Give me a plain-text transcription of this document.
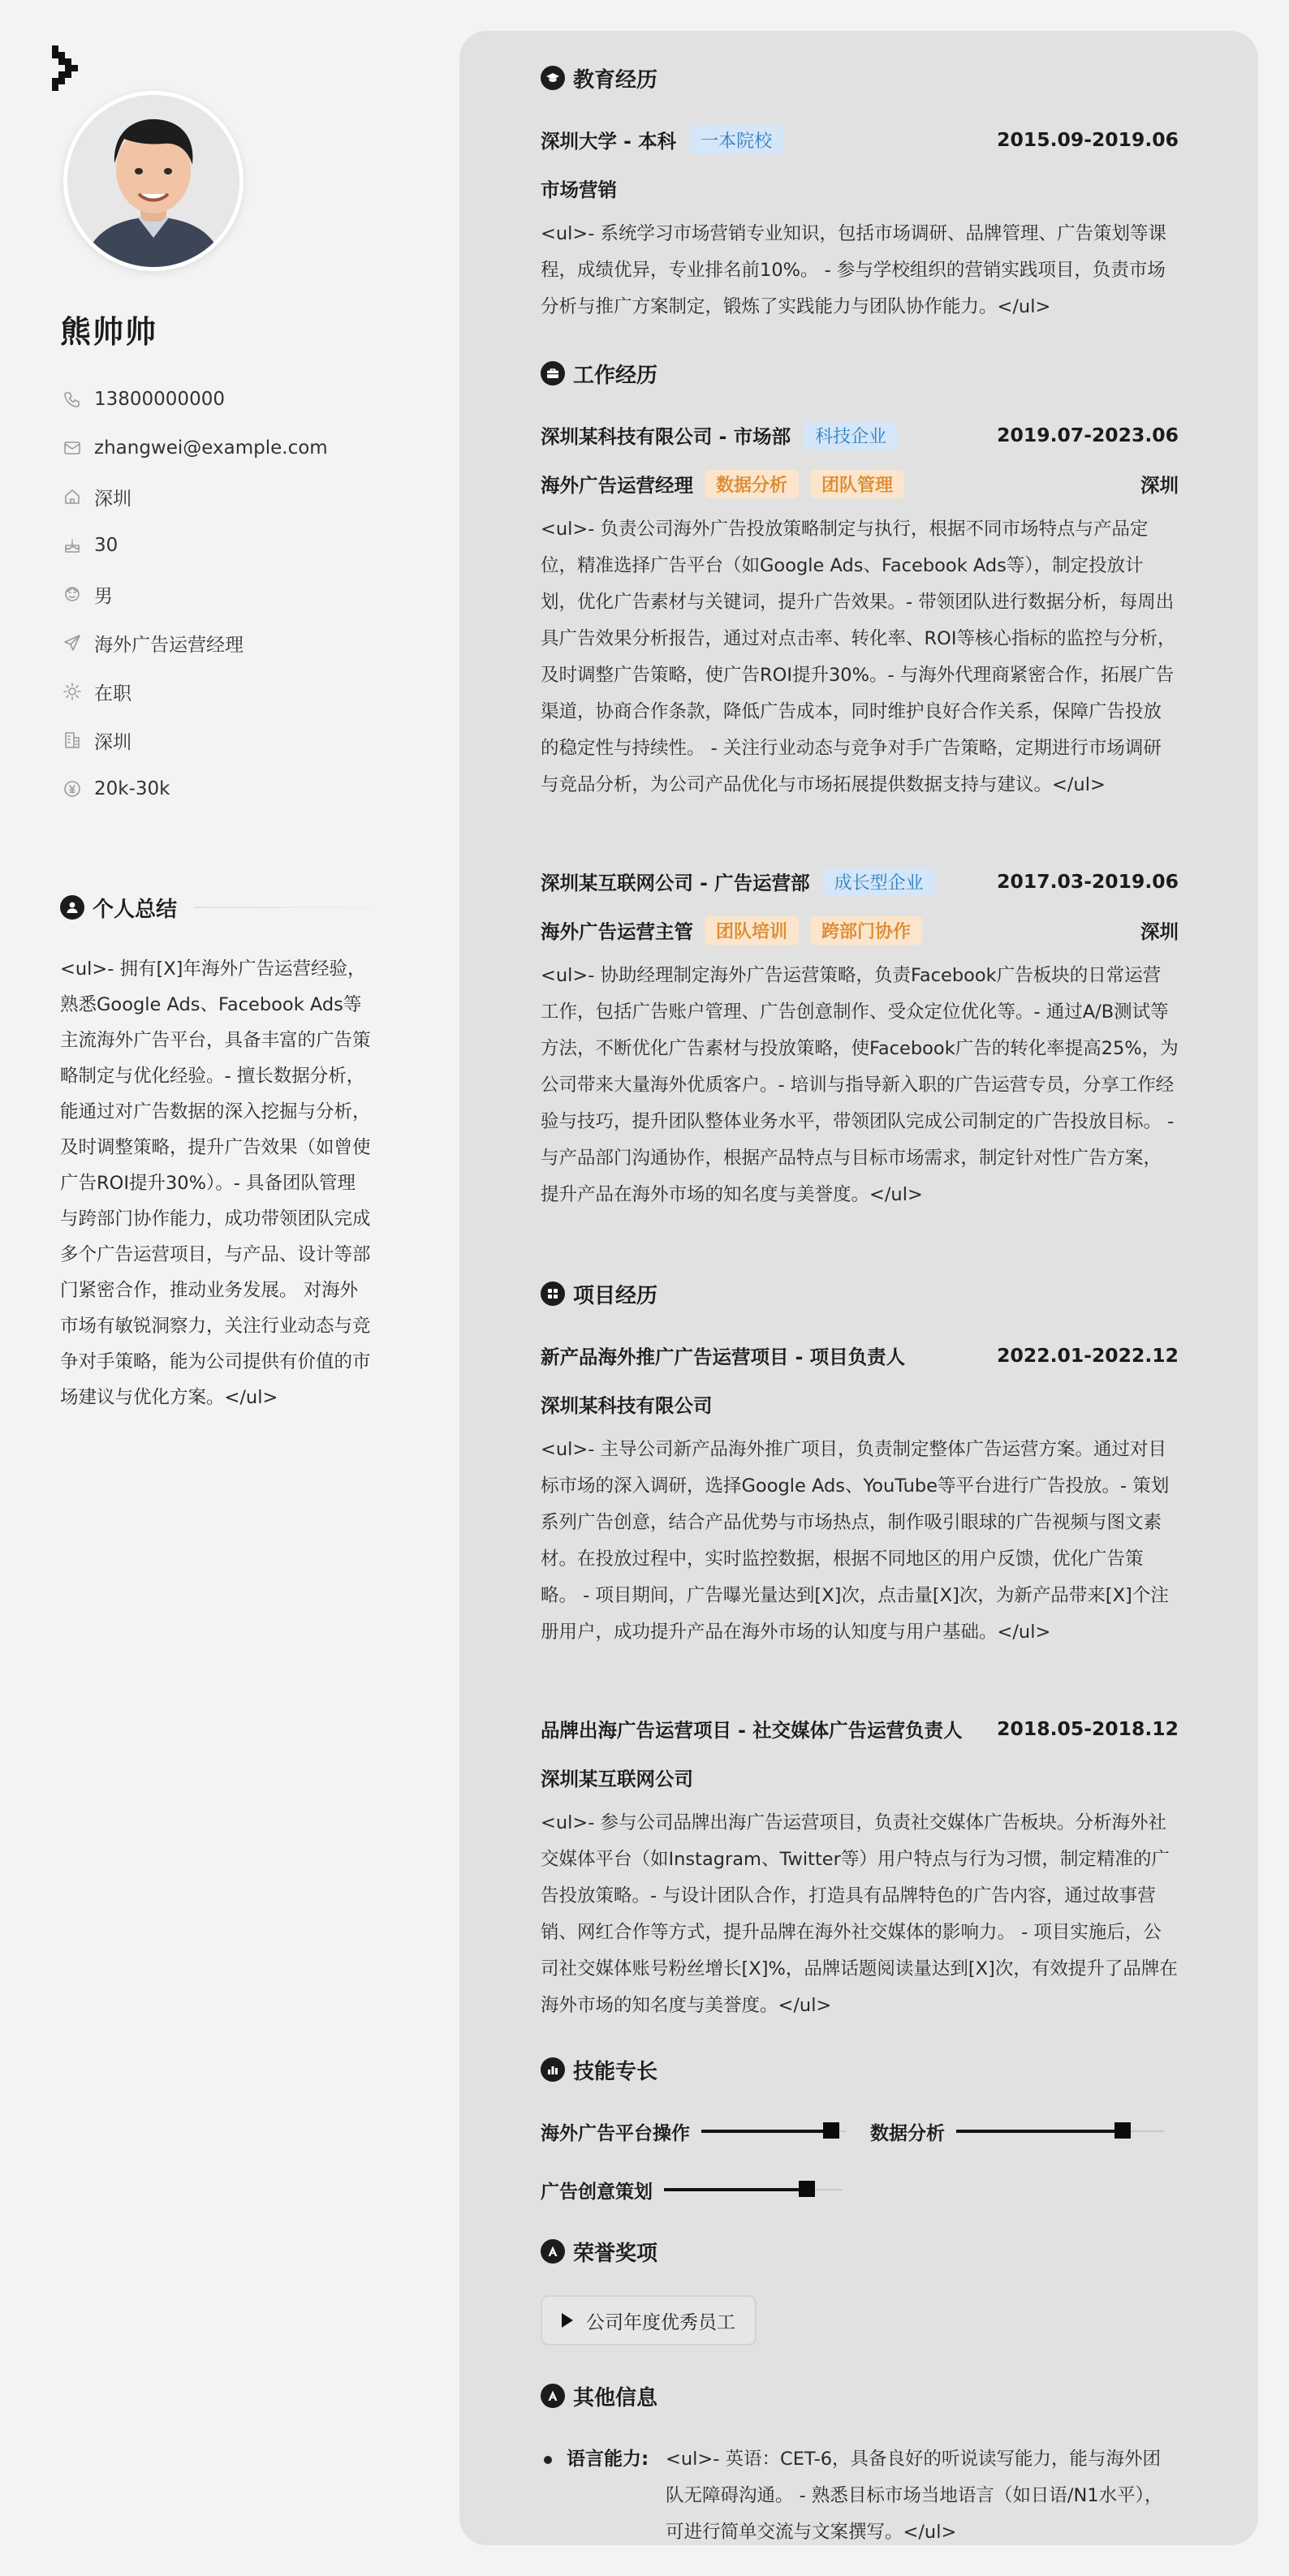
熊帅帅
13800000000
zhangwei@example.com
深圳
30
男
海外广告运营经理
在职
深圳
20k-30k
个人总结
<ul>- 拥有[X]年海外广告运营经验，熟悉Google Ads、Facebook Ads等主流海外广告平台，具备丰富的广告策略制定与优化经验。- 擅长数据分析，能通过对广告数据的深入挖掘与分析，及时调整策略，提升广告效果（如曾使广告ROI提升30%）。- 具备团队管理与跨部门协作能力，成功带领团队完成多个广告运营项目，与产品、设计等部门紧密合作，推动业务发展。 对海外市场有敏锐洞察力，关注行业动态与竞争对手策略，能为公司提供有价值的市场建议与优化方案。</ul>
教育经历
深圳大学 - 本科	一本院校	2015.09-2019.06
市场营销
<ul>- 系统学习市场营销专业知识，包括市场调研、品牌管理、广告策划等课程，成绩优异，专业排名前10%。 - 参与学校组织的营销实践项目，负责市场分析与推广方案制定，锻炼了实践能力与团队协作能力。</ul>
工作经历
深圳某科技有限公司 - 市场部	科技企业	2019.07-2023.06
海外广告运营经理	数据分析	团队管理	深圳
<ul>- 负责公司海外广告投放策略制定与执行，根据不同市场特点与产品定位，精准选择广告平台（如Google Ads、Facebook Ads等），制定投放计划，优化广告素材与关键词，提升广告效果。- 带领团队进行数据分析，每周出具广告效果分析报告，通过对点击率、转化率、ROI等核心指标的监控与分析，及时调整广告策略，使广告ROI提升30%。- 与海外代理商紧密合作，拓展广告渠道，协商合作条款，降低广告成本，同时维护良好合作关系，保障广告投放的稳定性与持续性。 - 关注行业动态与竞争对手广告策略，定期进行市场调研与竞品分析，为公司产品优化与市场拓展提供数据支持与建议。</ul>
深圳某互联网公司 - 广告运营部	成长型企业	2017.03-2019.06
海外广告运营主管	团队培训	跨部门协作	深圳
<ul>- 协助经理制定海外广告运营策略，负责Facebook广告板块的日常运营工作，包括广告账户管理、广告创意制作、受众定位优化等。- 通过A/B测试等方法，不断优化广告素材与投放策略，使Facebook广告的转化率提高25%，为公司带来大量海外优质客户。- 培训与指导新入职的广告运营专员，分享工作经验与技巧，提升团队整体业务水平，带领团队完成公司制定的广告投放目标。 - 与产品部门沟通协作，根据产品特点与目标市场需求，制定针对性广告方案，提升产品在海外市场的知名度与美誉度。</ul>
项目经历
新产品海外推广广告运营项目 - 项目负责人	2022.01-2022.12
深圳某科技有限公司
<ul>- 主导公司新产品海外推广项目，负责制定整体广告运营方案。通过对目标市场的深入调研，选择Google Ads、YouTube等平台进行广告投放。- 策划系列广告创意，结合产品优势与市场热点，制作吸引眼球的广告视频与图文素材。在投放过程中，实时监控数据，根据不同地区的用户反馈，优化广告策略。 - 项目期间，广告曝光量达到[X]次，点击量[X]次，为新产品带来[X]个注册用户，成功提升产品在海外市场的认知度与用户基础。</ul>
品牌出海广告运营项目 - 社交媒体广告运营负责人 2018.05-2018.12
深圳某互联网公司
<ul>- 参与公司品牌出海广告运营项目，负责社交媒体广告板块。分析海外社交媒体平台（如Instagram、Twitter等）用户特点与行为习惯，制定精准的广告投放策略。- 与设计团队合作，打造具有品牌特色的广告内容，通过故事营销、网红合作等方式，提升品牌在海外社交媒体的影响力。 - 项目实施后，公司社交媒体账号粉丝增长[X]%，品牌话题阅读量达到[X]次，有效提升了品牌在海外市场的知名度与美誉度。</ul>
技能专长
海外广告平台操作	数据分析
广告创意策划
荣誉奖项
公司年度优秀员工
其他信息
语言能力: <ul>- 英语：CET-6，具备良好的听说读写能力，能与海外团队无障碍沟通。 - 熟悉目标市场当地语言（如日语/N1水平），可进行简单交流与文案撰写。</ul>
